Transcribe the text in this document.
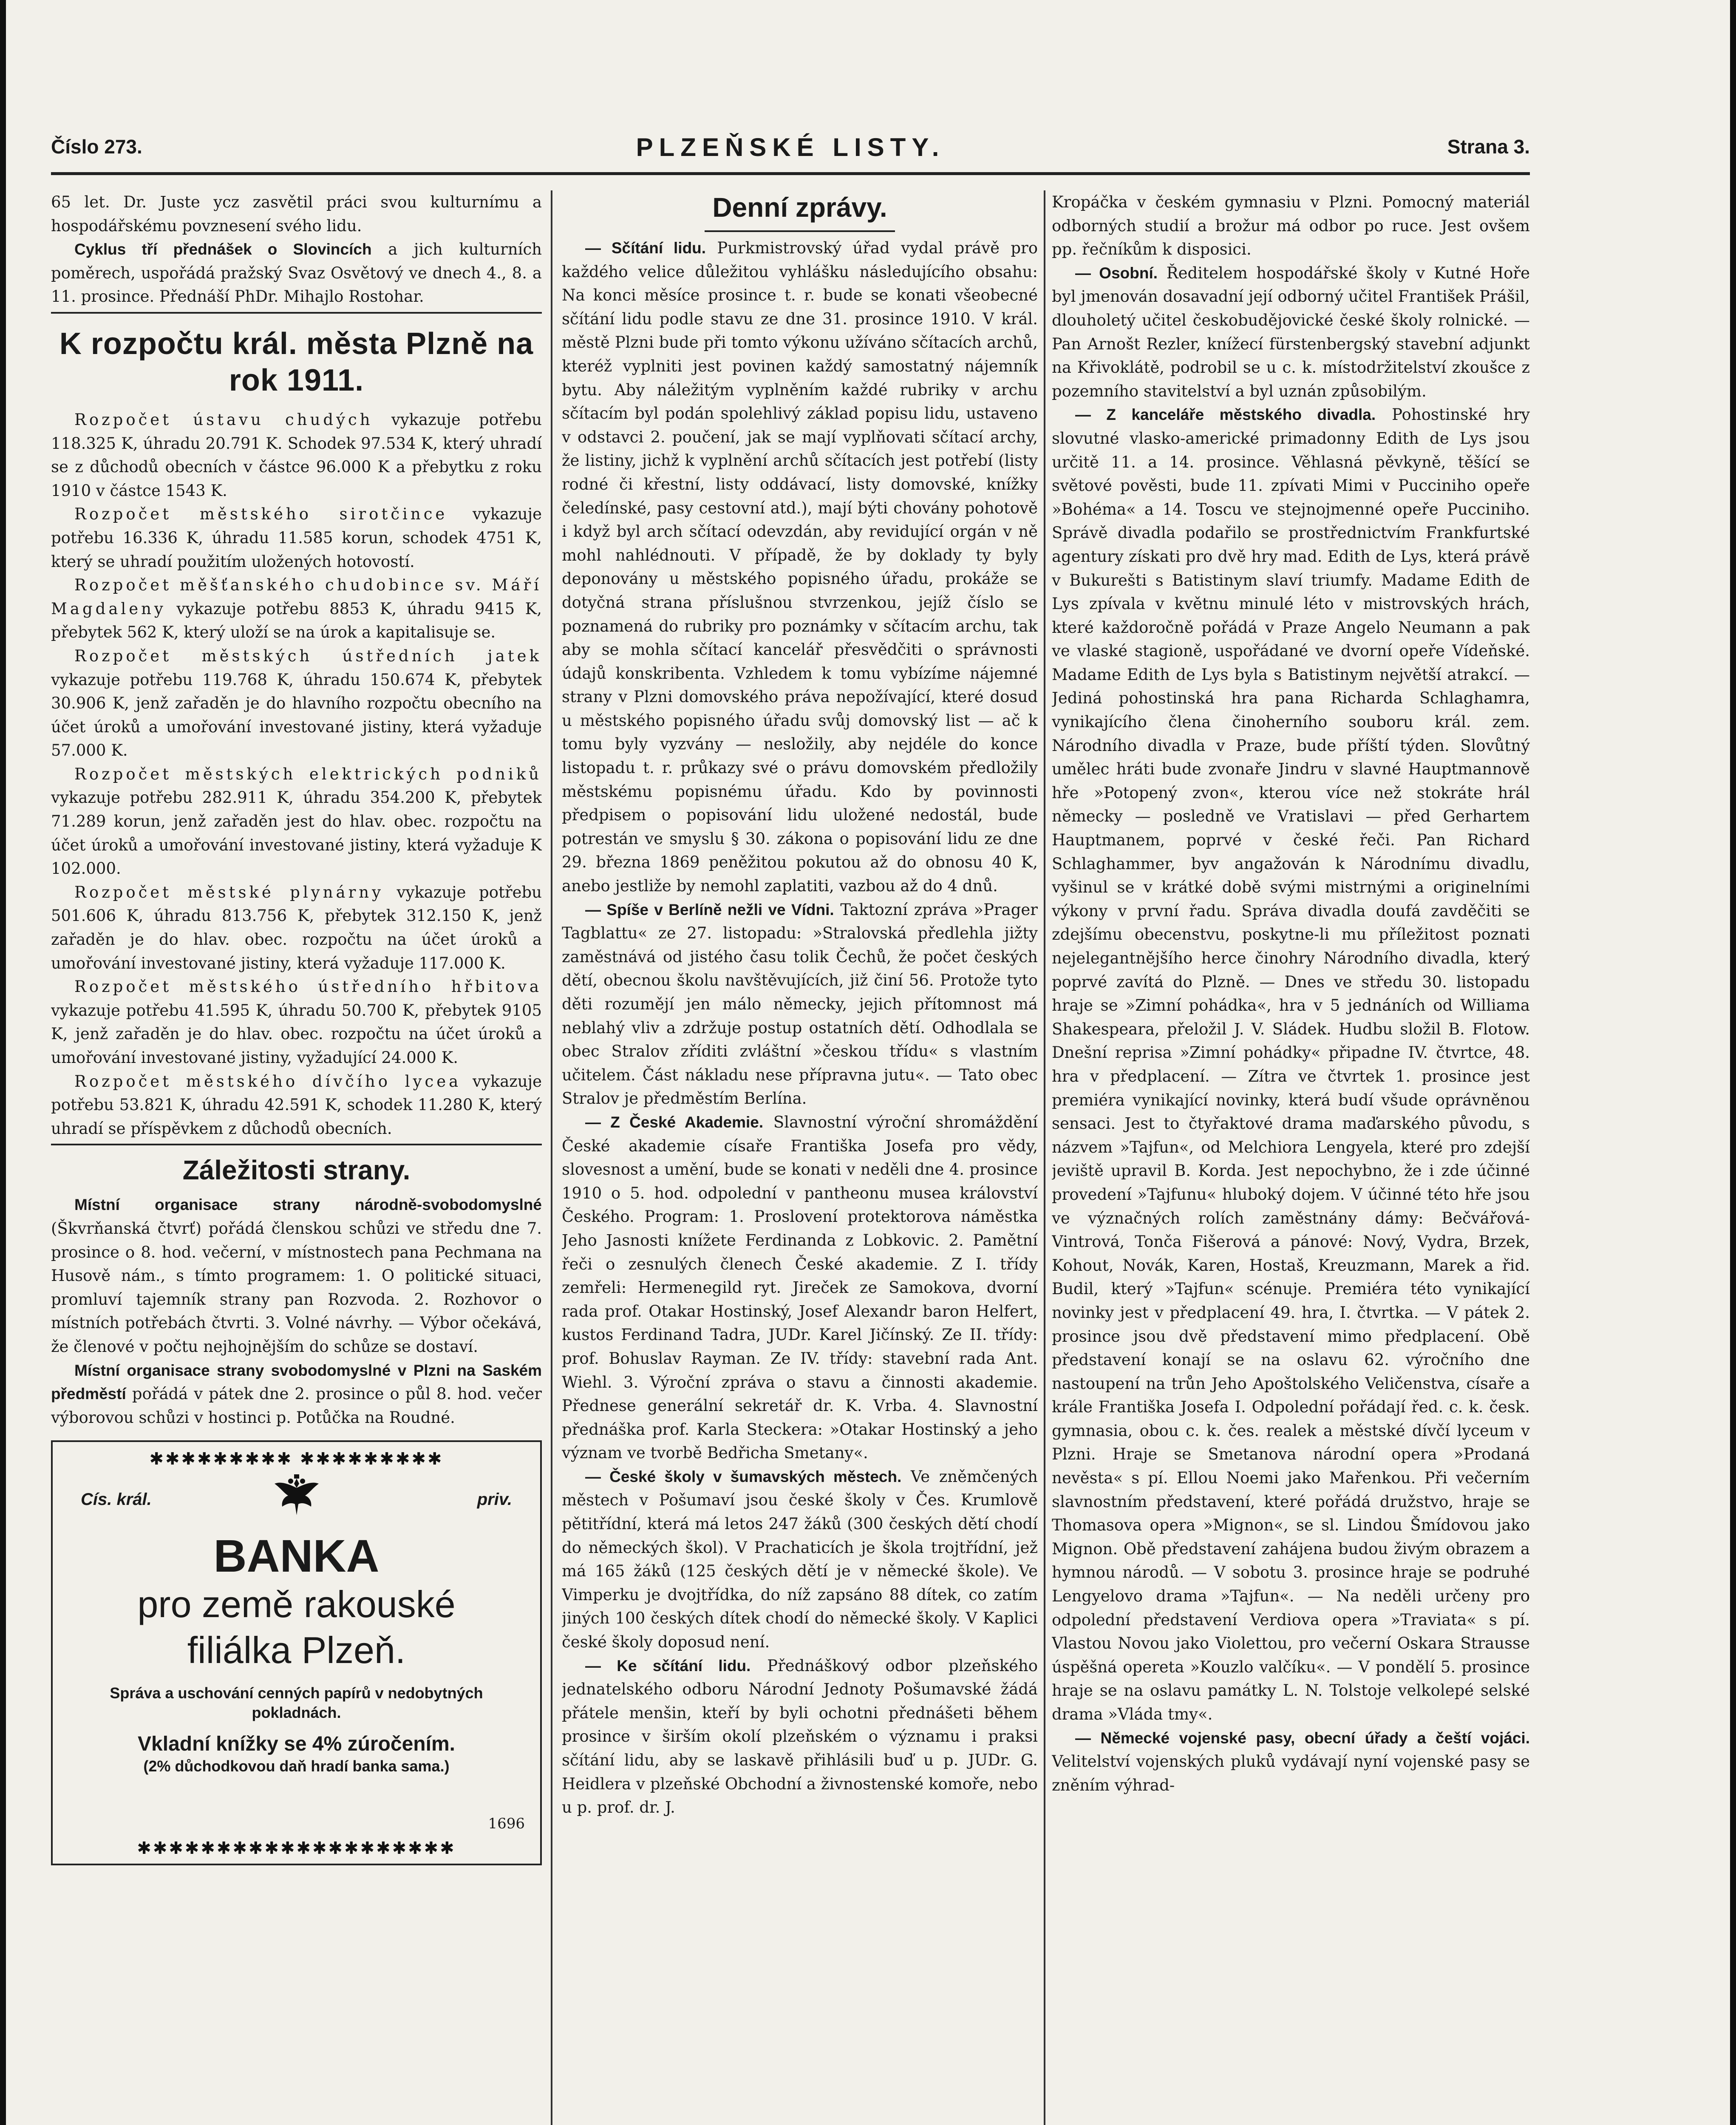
Číslo 273.	PLZEŇSKÉ LISTY.	Strana 3.

65 let. Dr. Juste ycz zasvětil práci svou kulturnímu a hospodářskému povznesení svého lidu.

Cyklus tří přednášek o Slovincích a jich kulturních poměrech, uspořádá pražský Svaz Osvětový ve dnech 4., 8. a 11. prosince. Přednáší PhDr. Mihajlo Rostohar.

K rozpočtu král. města Plzně na rok 1911.

Rozpočet ústavu chudých vykazuje potřebu 118.325 K, úhradu 20.791 K. Schodek 97.534 K, který uhradí se z důchodů obecních v částce 96.000 K a přebytku z roku 1910 v částce 1543 K.

Rozpočet městského sirotčince vykazuje potřebu 16.336 K, úhradu 11.585 korun, schodek 4751 K, který se uhradí použitím uložených hotovostí.

Rozpočet měšťanského chudobince sv. Máří Magdaleny vykazuje potřebu 8853 K, úhradu 9415 K, přebytek 562 K, který uloží se na úrok a kapitalisuje se.

Rozpočet městských ústředních jatek vykazuje potřebu 119.768 K, úhradu 150.674 K, přebytek 30.906 K, jenž zařaděn je do hlavního rozpočtu obecního na účet úroků a umořování investované jistiny, která vyžaduje 57.000 K.

Rozpočet městských elektrických podniků vykazuje potřebu 282.911 K, úhradu 354.200 K, přebytek 71.289 korun, jenž zařaděn jest do hlav. obec. rozpočtu na účet úroků a umořování investované jistiny, která vyžaduje K 102.000.

Rozpočet městské plynárny vykazuje potřebu 501.606 K, úhradu 813.756 K, přebytek 312.150 K, jenž zařaděn je do hlav. obec. rozpočtu na účet úroků a umořování investované jistiny, která vyžaduje 117.000 K.

Rozpočet městského ústředního hřbitova vykazuje potřebu 41.595 K, úhradu 50.700 K, přebytek 9105 K, jenž zařaděn je do hlav. obec. rozpočtu na účet úroků a umořování investované jistiny, vyžadující 24.000 K.

Rozpočet městského dívčího lycea vykazuje potřebu 53.821 K, úhradu 42.591 K, schodek 11.280 K, který uhradí se příspěvkem z důchodů obecních.

Záležitosti strany.

Místní organisace strany národně-svobodomyslné (Škvrňanská čtvrť) pořádá členskou schůzi ve středu dne 7. prosince o 8. hod. večerní, v místnostech pana Pechmana na Husově nám., s tímto programem: 1. O politické situaci, promluví tajemník strany pan Rozvoda. 2. Rozhovor o místních potřebách čtvrti. 3. Volné návrhy. — Výbor očekává, že členové v počtu nejhojnějším do schůze se dostaví.

Místní organisace strany svobodomyslné v Plzni na Saském předměstí pořádá v pátek dne 2. prosince o půl 8. hod. večer výborovou schůzi v hostinci p. Potůčka na Roudné.

✱✱✱✱✱✱✱✱✱ ✱✱✱✱✱✱✱✱✱
Cís. král.	priv.
BANKA
pro země rakouské
filiálka Plzeň.
Správa a uschování cenných papírů v nedobytných pokladnách.
Vkladní knížky se 4% zúročením.
(2% důchodkovou daň hradí banka sama.)
1696
✱✱✱✱✱✱✱✱✱✱✱✱✱✱✱✱✱✱✱✱
Denní zprávy.

— Sčítání lidu. Purkmistrovský úřad vydal právě pro každého velice důležitou vyhlášku následujícího obsahu: Na konci měsíce prosince t. r. bude se konati všeobecné sčítání lidu podle stavu ze dne 31. prosince 1910. V král. městě Plzni bude při tomto výkonu užíváno sčítacích archů, kteréž vyplniti jest povinen každý samostatný nájemník bytu. Aby náležitým vyplněním každé rubriky v archu sčítacím byl podán spolehlivý základ popisu lidu, ustaveno v odstavci 2. poučení, jak se mají vyplňovati sčítací archy, že listiny, jichž k vyplnění archů sčítacích jest potřebí (listy rodné či křestní, listy oddávací, listy domovské, knížky čeledínské, pasy cestovní atd.), mají býti chovány pohotově i když byl arch sčítací odevzdán, aby revidující orgán v ně mohl nahlédnouti. V případě, že by doklady ty byly deponovány u městského popisného úřadu, prokáže se dotyčná strana příslušnou stvrzenkou, jejíž číslo se poznamená do rubriky pro poznámky v sčítacím archu, tak aby se mohla sčítací kancelář přesvědčiti o správnosti údajů konskribenta. Vzhledem k tomu vybízíme nájemné strany v Plzni domovského práva nepožívající, které dosud u městského popisného úřadu svůj domovský list — ač k tomu byly vyzvány — nesložily, aby nejdéle do konce listopadu t. r. průkazy své o právu domovském předložily městskému popisnému úřadu. Kdo by povinnosti předpisem o popisování lidu uložené nedostál, bude potrestán ve smyslu § 30. zákona o popisování lidu ze dne 29. března 1869 peněžitou pokutou až do obnosu 40 K, anebo jestliže by nemohl zaplatiti, vazbou až do 4 dnů.

— Spíše v Berlíně nežli ve Vídni. Taktozní zpráva »Prager Tagblattu« ze 27. listopadu: »Stralovská předlehla jižty zaměstnává od jistého času tolik Čechů, že počet českých dětí, obecnou školu navštěvujících, již činí 56. Protože tyto děti rozumějí jen málo německy, jejich přítomnost má neblahý vliv a zdržuje postup ostatních dětí. Odhodlala se obec Stralov zříditi zvláštní »českou třídu« s vlastním učitelem. Část nákladu nese přípravna jutu«. — Tato obec Stralov je předměstím Berlína.

— Z České Akademie. Slavnostní výroční shromáždění České akademie císaře Františka Josefa pro vědy, slovesnost a umění, bude se konati v neděli dne 4. prosince 1910 o 5. hod. odpolední v pantheonu musea království Českého. Program: 1. Proslovení protektorova náměstka Jeho Jasnosti knížete Ferdinanda z Lobkovic. 2. Pamětní řeči o zesnulých členech České akademie. Z I. třídy zemřeli: Hermenegild ryt. Jireček ze Samokova, dvorní rada prof. Otakar Hostinský, Josef Alexandr baron Helfert, kustos Ferdinand Tadra, JUDr. Karel Jičínský. Ze II. třídy: prof. Bohuslav Rayman. Ze IV. třídy: stavební rada Ant. Wiehl. 3. Výroční zpráva o stavu a činnosti akademie. Přednese generální sekretář dr. K. Vrba. 4. Slavnostní přednáška prof. Karla Steckera: »Otakar Hostinský a jeho význam ve tvorbě Bedřicha Smetany«.

— České školy v šumavských městech. Ve zněmčených městech v Pošumaví jsou české školy v Čes. Krumlově pětitřídní, která má letos 247 žáků (300 českých dětí chodí do německých škol). V Prachaticích je škola trojtřídní, jež má 165 žáků (125 českých dětí je v německé škole). Ve Vimperku je dvojtřídka, do níž zapsáno 88 dítek, co zatím jiných 100 českých dítek chodí do německé školy. V Kaplici české školy doposud není.

— Ke sčítání lidu. Přednáškový odbor plzeňského jednatelského odboru Národní Jednoty Pošumavské žádá přátele menšin, kteří by byli ochotni přednášeti během prosince v širším okolí plzeňském o významu i praksi sčítání lidu, aby se laskavě přihlásili buď u p. JUDr. G. Heidlera v plzeňské Obchodní a živnostenské komoře, nebo u p. prof. dr. J.

Kropáčka v českém gymnasiu v Plzni. Pomocný materiál odborných studií a brožur má odbor po ruce. Jest ovšem pp. řečníkům k disposici.

— Osobní. Ředitelem hospodářské školy v Kutné Hoře byl jmenován dosavadní její odborný učitel František Prášil, dlouholetý učitel českobudějovické české školy rolnické. — Pan Arnošt Rezler, knížecí fürstenbergský stavební adjunkt na Křivoklátě, podrobil se u c. k. místodržitelství zkoušce z pozemního stavitelství a byl uznán způsobilým.

— Z kanceláře městského divadla. Pohostinské hry slovutné vlasko-americké primadonny Edith de Lys jsou určitě 11. a 14. prosince. Věhlasná pěvkyně, těšící se světové pověsti, bude 11. zpívati Mimi v Pucciniho opeře »Bohéma« a 14. Toscu ve stejnojmenné opeře Pucciniho. Správě divadla podařilo se prostřednictvím Frankfurtské agentury získati pro dvě hry mad. Edith de Lys, která právě v Bukurešti s Batistinym slaví triumfy. Madame Edith de Lys zpívala v květnu minulé léto v mistrovských hrách, které každoročně pořádá v Praze Angelo Neumann a pak ve vlaské stagioně, uspořádané ve dvorní opeře Vídeňské. Madame Edith de Lys byla s Batistinym největší atrakcí. — Jediná pohostinská hra pana Richarda Schlaghamra, vynikajícího člena činoherního souboru král. zem. Národního divadla v Praze, bude příští týden. Slovůtný umělec hráti bude zvonaře Jindru v slavné Hauptmannově hře »Potopený zvon«, kterou více než stokráte hrál německy — posledně ve Vratislavi — před Gerhartem Hauptmanem, poprvé v české řeči. Pan Richard Schlaghammer, byv angažován k Národnímu divadlu, vyšinul se v krátké době svými mistrnými a originelními výkony v první řadu. Správa divadla doufá zavděčiti se zdejšímu obecenstvu, poskytne-li mu příležitost poznati nejelegantnějšího herce činohry Národního divadla, který poprvé zavítá do Plzně. — Dnes ve středu 30. listopadu hraje se »Zimní pohádka«, hra v 5 jednáních od Williama Shakespeara, přeložil J. V. Sládek. Hudbu složil B. Flotow. Dnešní reprisa »Zimní pohádky« připadne IV. čtvrtce, 48. hra v předplacení. — Zítra ve čtvrtek 1. prosince jest premiéra vynikající novinky, která budí všude oprávněnou sensaci. Jest to čtyřaktové drama maďarského původu, s názvem »Tajfun«, od Melchiora Lengyela, které pro zdejší jeviště upravil B. Korda. Jest nepochybno, že i zde účinné provedení »Tajfunu« hluboký dojem. V účinné této hře jsou ve význačných rolích zaměstnány dámy: Bečvářová-Vintrová, Tonča Fišerová a pánové: Nový, Vydra, Brzek, Kohout, Novák, Karen, Hostaš, Kreuzmann, Marek a řid. Budil, který »Tajfun« scénuje. Premiéra této vynikající novinky jest v předplacení 49. hra, I. čtvrtka. — V pátek 2. prosince jsou dvě představení mimo předplacení. Obě představení konají se na oslavu 62. výročního dne nastoupení na trůn Jeho Apoštolského Veličenstva, císaře a krále Františka Josefa I. Odpolední pořádají řed. c. k. česk. gymnasia, obou c. k. čes. realek a městské dívčí lyceum v Plzni. Hraje se Smetanova národní opera »Prodaná nevěsta« s pí. Ellou Noemi jako Mařenkou. Při večerním slavnostním představení, které pořádá družstvo, hraje se Thomasova opera »Mignon«, se sl. Lindou Šmídovou jako Mignon. Obě představení zahájena budou živým obrazem a hymnou národů. — V sobotu 3. prosince hraje se podruhé Lengyelovo drama »Tajfun«. — Na neděli určeny pro odpolední představení Verdiova opera »Traviata« s pí. Vlastou Novou jako Violettou, pro večerní Oskara Strausse úspěšná opereta »Kouzlo valčíku«. — V pondělí 5. prosince hraje se na oslavu památky L. N. Tolstoje velkolepé selské drama »Vláda tmy«.

— Německé vojenské pasy, obecní úřady a čeští vojáci. Velitelství vojenských pluků vydávají nyní vojenské pasy se zněním výhrad-
